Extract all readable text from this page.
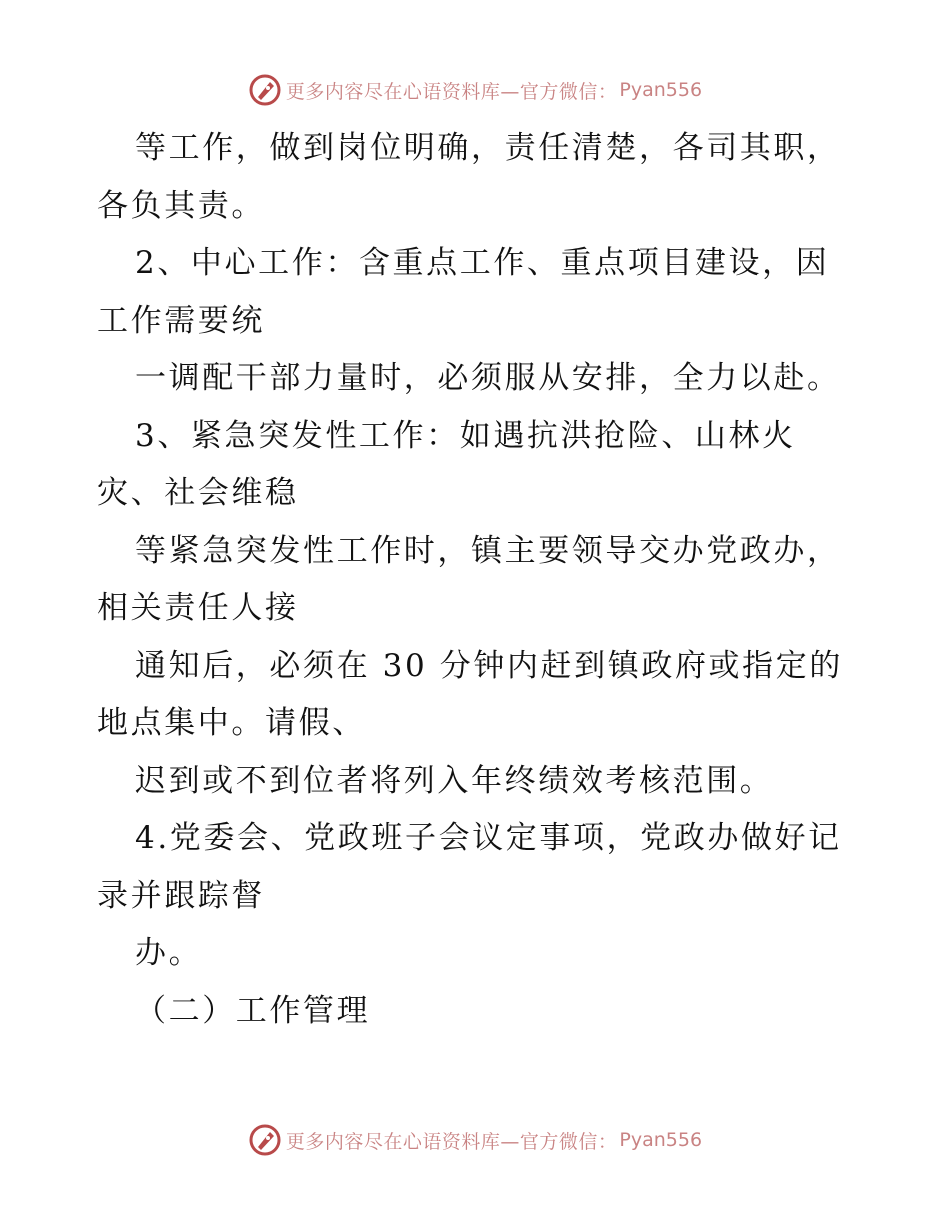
更多内容尽在心语资料库—官方微信： Pyan556
等工作，做到岗位明确，责任清楚，各司其职，
各负其责。
2、中心工作：含重点工作、重点项目建设，因
工作需要统
一调配干部力量时，必须服从安排，全力以赴。
3、紧急突发性工作：如遇抗洪抢险、山林火
灾、社会维稳
等紧急突发性工作时，镇主要领导交办党政办，
相关责任人接
通知后，必须在 30 分钟内赶到镇政府或指定的
地点集中。请假、
迟到或不到位者将列入年终绩效考核范围。
4.党委会、党政班子会议定事项，党政办做好记
录并跟踪督
办。
（二）工作管理
更多内容尽在心语资料库—官方微信： Pyan556
